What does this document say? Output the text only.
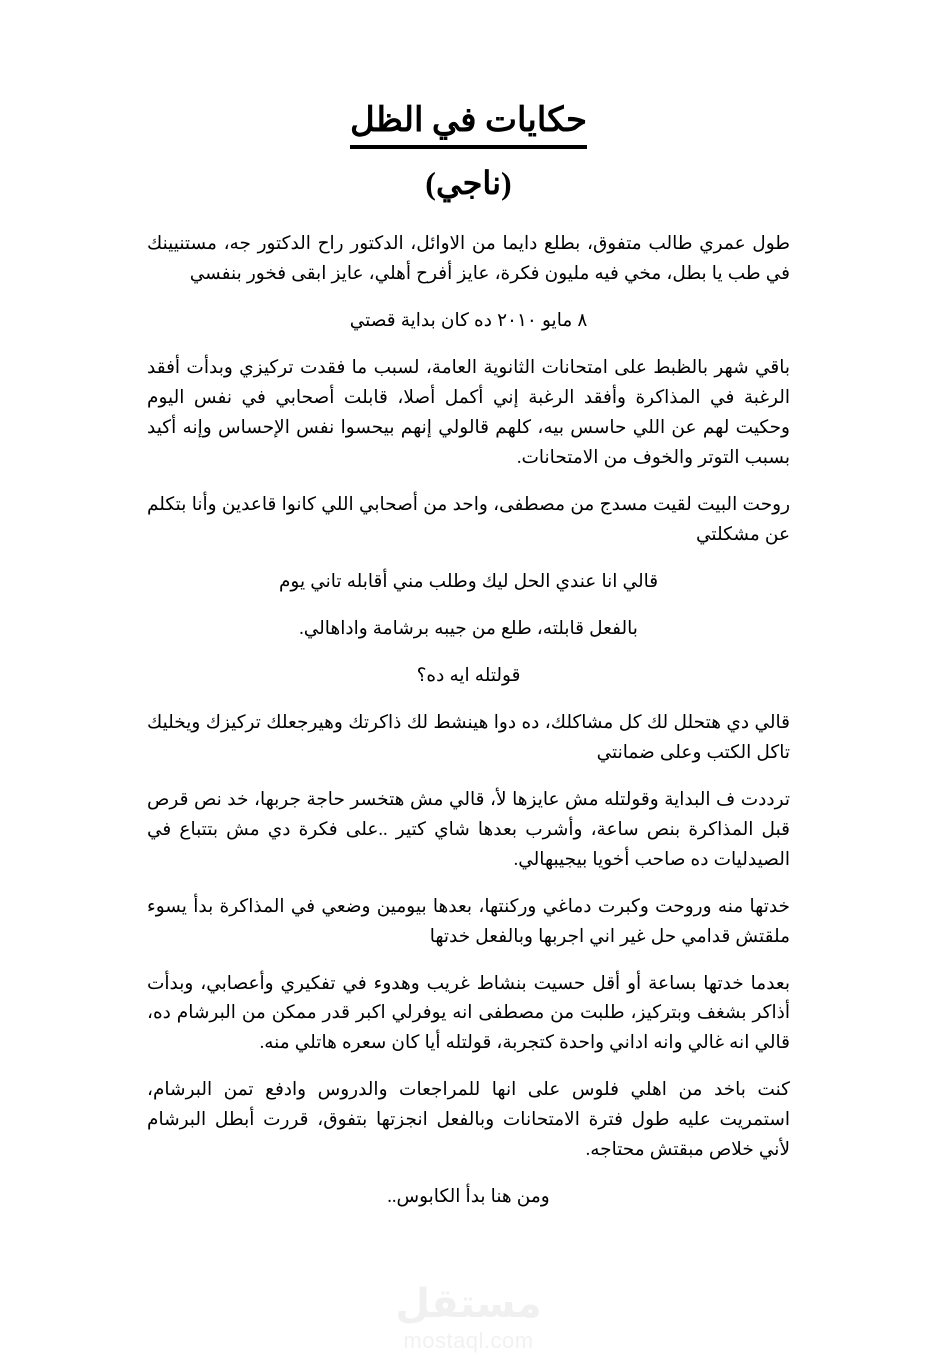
حكايات في الظل
(ناجي)

طول عمري طالب متفوق، بطلع دايما من الاوائل، الدكتور راح الدكتور جه، مستنيينك في طب يا بطل، مخي فيه مليون فكرة، عايز أفرح أهلي، عايز ابقى فخور بنفسي

٨ مايو ٢٠١٠ ده كان بداية قصتي

باقي شهر بالظبط على امتحانات الثانوية العامة، لسبب ما فقدت تركيزي وبدأت أفقد الرغبة في المذاكرة وأفقد الرغبة إني أكمل أصلا، قابلت أصحابي في نفس اليوم وحكيت لهم عن اللي حاسس بيه، كلهم قالولي إنهم بيحسوا نفس الإحساس وإنه أكيد بسبب التوتر والخوف من الامتحانات.

روحت البيت لقيت مسدج من مصطفى، واحد من أصحابي اللي كانوا قاعدين وأنا بتكلم عن مشكلتي

قالي انا عندي الحل ليك وطلب مني أقابله تاني يوم

بالفعل قابلته، طلع من جيبه برشامة واداهالي.

قولتله ايه ده؟

قالي دي هتحلل لك كل مشاكلك، ده دوا هينشط لك ذاكرتك وهيرجعلك تركيزك ويخليك تاكل الكتب وعلى ضمانتي

ترددت ف البداية وقولتله مش عايزها لأ، قالي مش هتخسر حاجة جربها، خد نص قرص قبل المذاكرة بنص ساعة، وأشرب بعدها شاي كتير ..على فكرة دي مش بتتباع في الصيدليات ده صاحب أخويا بيجيبهالي.

خدتها منه وروحت وكبرت دماغي وركنتها، بعدها بيومين وضعي في المذاكرة بدأ يسوء ملقتش قدامي حل غير اني اجربها وبالفعل خدتها

بعدما خدتها بساعة أو أقل حسيت بنشاط غريب وهدوء في تفكيري وأعصابي، وبدأت أذاكر بشغف وبتركيز، طلبت من مصطفى انه يوفرلي اكبر قدر ممكن من البرشام ده، قالي انه غالي وانه اداني واحدة كتجربة، قولتله أيا كان سعره هاتلي منه.

كنت باخد من اهلي فلوس على انها للمراجعات والدروس وادفع تمن البرشام، استمريت عليه طول فترة الامتحانات وبالفعل انجزتها بتفوق، قررت أبطل البرشام لأني خلاص مبقتش محتاجه.

ومن هنا بدأ الكابوس..

مستقل
mostaql.com
